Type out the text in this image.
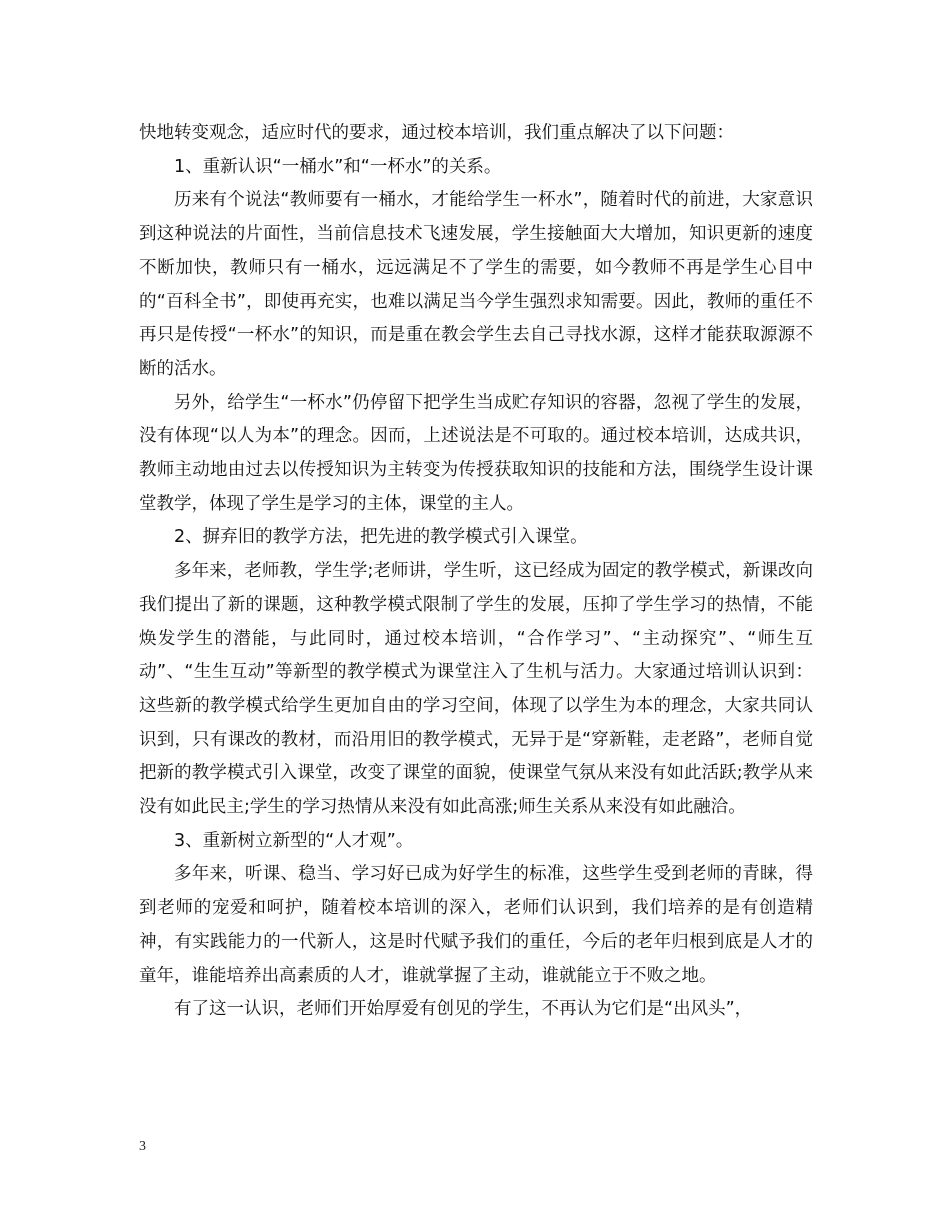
快地转变观念，适应时代的要求，通过校本培训，我们重点解决了以下问题：

1、重新认识“一桶水”和“一杯水”的关系。

历来有个说法“教师要有一桶水，才能给学生一杯水”，随着时代的前进，大家意识到这种说法的片面性，当前信息技术飞速发展，学生接触面大大增加，知识更新的速度不断加快，教师只有一桶水，远远满足不了学生的需要，如今教师不再是学生心目中的“百科全书”，即使再充实，也难以满足当今学生强烈求知需要。因此，教师的重任不再只是传授“一杯水”的知识，而是重在教会学生去自己寻找水源，这样才能获取源源不断的活水。

另外，给学生“一杯水”仍停留下把学生当成贮存知识的容器，忽视了学生的发展，没有体现“以人为本”的理念。因而，上述说法是不可取的。通过校本培训，达成共识，教师主动地由过去以传授知识为主转变为传授获取知识的技能和方法，围绕学生设计课堂教学，体现了学生是学习的主体，课堂的主人。

2、摒弃旧的教学方法，把先进的教学模式引入课堂。

多年来，老师教，学生学;老师讲，学生听，这已经成为固定的教学模式，新课改向我们提出了新的课题，这种教学模式限制了学生的发展，压抑了学生学习的热情，不能焕发学生的潜能，与此同时，通过校本培训，“合作学习”、“主动探究”、“师生互动”、“生生互动”等新型的教学模式为课堂注入了生机与活力。大家通过培训认识到：这些新的教学模式给学生更加自由的学习空间，体现了以学生为本的理念，大家共同认识到，只有课改的教材，而沿用旧的教学模式，无异于是“穿新鞋，走老路”，老师自觉把新的教学模式引入课堂，改变了课堂的面貌，使课堂气氛从来没有如此活跃;教学从来没有如此民主;学生的学习热情从来没有如此高涨;师生关系从来没有如此融洽。

3、重新树立新型的“人才观”。

多年来，听课、稳当、学习好已成为好学生的标准，这些学生受到老师的青睐，得到老师的宠爱和呵护，随着校本培训的深入，老师们认识到，我们培养的是有创造精神，有实践能力的一代新人，这是时代赋予我们的重任，今后的老年归根到底是人才的童年，谁能培养出高素质的人才，谁就掌握了主动，谁就能立于不败之地。

有了这一认识，老师们开始厚爱有创见的学生，不再认为它们是“出风头”，

3
